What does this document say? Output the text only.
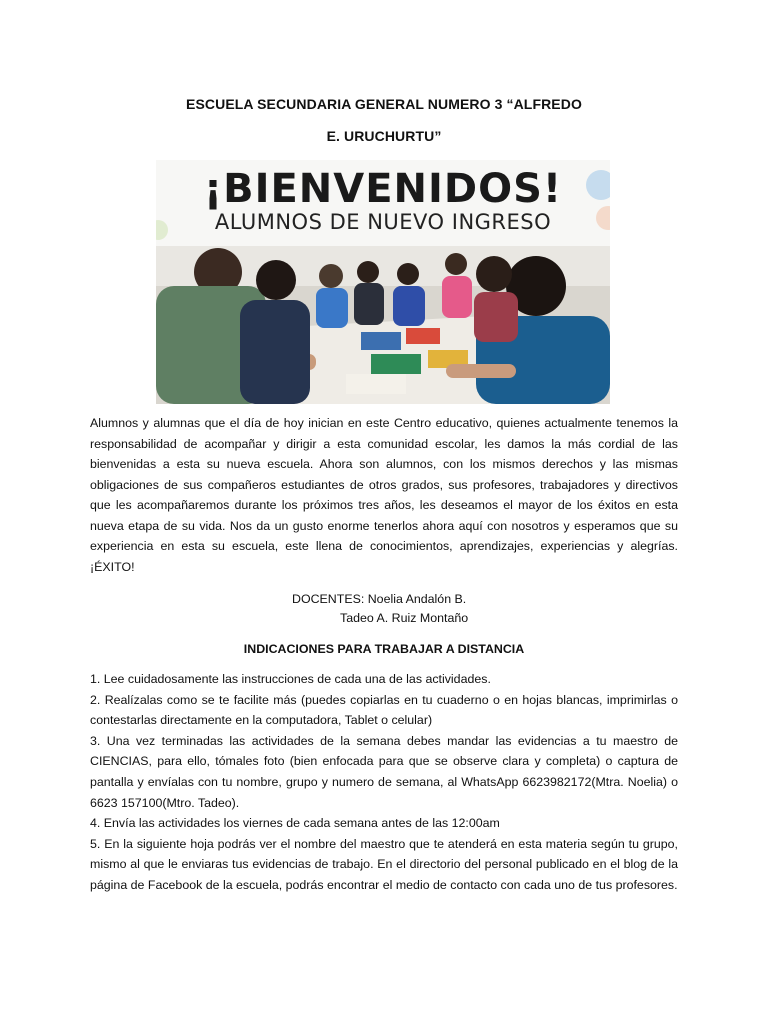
ESCUELA SECUNDARIA GENERAL NUMERO 3 “ALFREDO
E. URUCHURTU”
¡BIENVENIDOS!
ALUMNOS DE NUEVO INGRESO
Alumnos y alumnas que el día de hoy inician en este Centro educativo, quienes actualmente tenemos la responsabilidad de acompañar y dirigir a esta comunidad escolar, les damos la más cordial de las bienvenidas a esta su nueva escuela. Ahora son alumnos, con los mismos derechos y las mismas obligaciones de sus compañeros estudiantes de otros grados, sus profesores, trabajadores y directivos que les acompañaremos durante los próximos tres años, les deseamos el mayor de los éxitos en esta nueva etapa de su vida. Nos da un gusto enorme tenerlos ahora aquí con nosotros y esperamos que su experiencia en esta su escuela, este llena de conocimientos, aprendizajes, experiencias y alegrías. ¡ÉXITO!
DOCENTES: Noelia Andalón B.
Tadeo A. Ruiz Montaño
INDICACIONES PARA TRABAJAR A DISTANCIA
1. Lee cuidadosamente las instrucciones de cada una de las actividades.
2. Realízalas como se te facilite más (puedes copiarlas en tu cuaderno o en hojas blancas, imprimirlas o contestarlas directamente en la computadora, Tablet o celular)
3. Una vez terminadas las actividades de la semana debes mandar las evidencias a tu maestro de CIENCIAS, para ello, tómales foto (bien enfocada para que se observe clara y completa) o captura de pantalla y envíalas con tu nombre, grupo y numero de semana, al WhatsApp 6623982172(Mtra. Noelia) o 6623 157100(Mtro. Tadeo).
4. Envía las actividades los viernes de cada semana antes de las 12:00am
5. En la siguiente hoja podrás ver el nombre del maestro que te atenderá en esta materia según tu grupo, mismo al que le enviaras tus evidencias de trabajo. En el directorio del personal publicado en el blog de la página de Facebook de la escuela, podrás encontrar el medio de contacto con cada uno de tus profesores.
